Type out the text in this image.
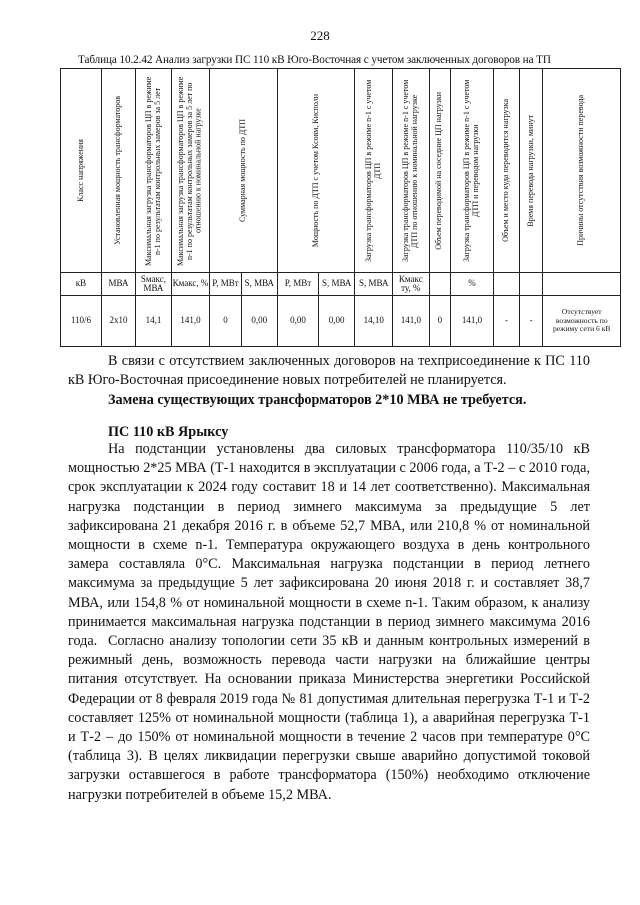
228
Таблица 10.2.42 Анализ загрузки ПС 110 кВ Юго-Восточная с учетом заключенных договоров на ТП
Класс напряжения	Установленная мощность трансформаторов	Максимальная загрузка трансформаторов ЦП в режиме n-1 по результатам контрольных замеров за 5 лет	Максимальная загрузка трансформаторов ЦП в режиме n-1 по результатам контрольных замеров за 5 лет по отношению к номинальной нагрузке	Суммарная мощность по ДТП		Мощность по ДТП с учетом Ксовм, Кисполн		Загрузка трансформаторов ЦП в режиме n-1 с учетом ДТП	Загрузка трансформаторов ЦП в режиме n-1 с учетом ДТП по отношению к номинальной нагрузке	Объем переводимой на соседние ЦП нагрузки	Загрузка трансформаторов ЦП в режиме n-1 с учетом ДТП и переводом нагрузки	Объем и место куда переводится нагрузка	Время перевода нагрузки, минут	Причины отсутствия возможности перевода

кВ	МВА	Sмакс, МВА	Кмакс, %	P, МВт	S, МВА	P, МВт	S, МВА	S, МВА	Кмакс ту, %		%			
110/6	2х10	14,1	141,0	0	0,00	0,00	0,00	14,10	141,0	0	141,0	-	-	Отсутствует возможность по режиму сети 6 кВ
В связи с отсутствием заключенных договоров на техприсоединение к ПС 110 кВ Юго-Восточная присоединение новых потребителей не планируется.
Замена существующих трансформаторов 2*10 МВА не требуется.
ПС 110 кВ Ярыксу
На подстанции установлены два силовых трансформатора 110/35/10 кВ мощностью 2*25 МВА (Т-1 находится в эксплуатации с 2006 года, а Т-2 – с 2010 года, срок эксплуатации к 2024 году составит 18 и 14 лет соответственно). Максимальная нагрузка подстанции в период зимнего максимума за предыдущие 5 лет зафиксирована 21 декабря 2016 г. в объеме 52,7 МВА, или 210,8 % от номинальной мощности в схеме n-1. Температура окружающего воздуха в день контрольного замера составляла 0°С. Максимальная нагрузка подстанции в период летнего максимума за предыдущие 5 лет зафиксирована 20 июня 2018 г. и составляет 38,7 МВА, или 154,8 % от номинальной мощности в схеме n-1. Таким образом, к анализу принимается максимальная нагрузка подстанции в период зимнего максимума 2016 года. Согласно анализу топологии сети 35 кВ и данным контрольных измерений в режимный день, возможность перевода части нагрузки на ближайшие центры питания отсутствует. На основании приказа Министерства энергетики Российской Федерации от 8 февраля 2019 года № 81 допустимая длительная перегрузка Т-1 и Т-2 составляет 125% от номинальной мощности (таблица 1), а аварийная перегрузка Т-1 и Т-2 – до 150% от номинальной мощности в течение 2 часов при температуре 0°С (таблица 3). В целях ликвидации перегрузки свыше аварийно допустимой токовой загрузки оставшегося в работе трансформатора (150%) необходимо отключение нагрузки потребителей в объеме 15,2 МВА.
